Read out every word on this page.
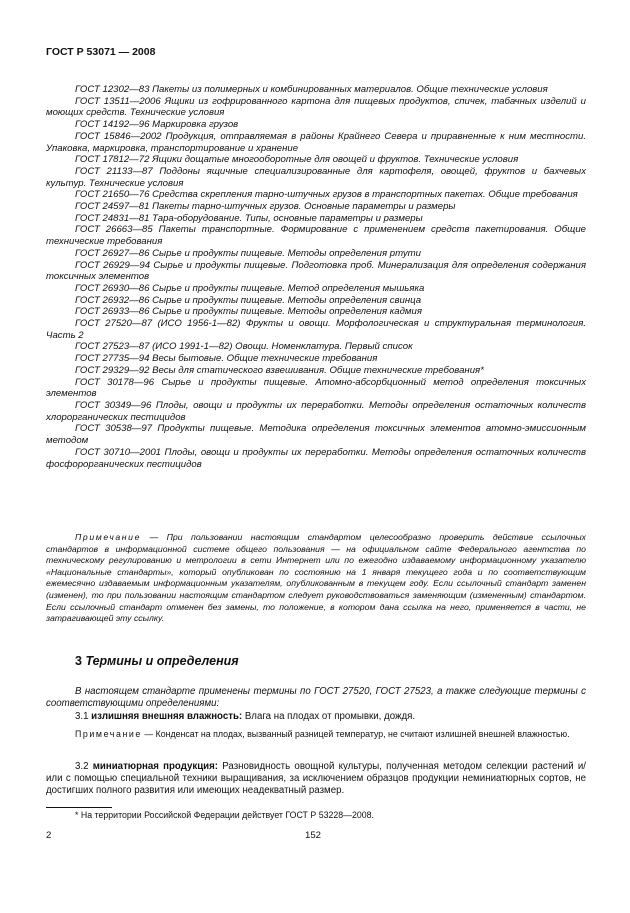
ГОСТ Р 53071 — 2008

ГОСТ 12302—83 Пакеты из полимерных и комбинированных материалов. Общие технические условия

ГОСТ 13511—2006 Ящики из гофрированного картона для пищевых продуктов, спичек, табачных изделий и моющих средств. Технические условия

ГОСТ 14192—96 Маркировка грузов

ГОСТ 15846—2002 Продукция, отправляемая в районы Крайнего Севера и приравненные к ним местности. Упаковка, маркировка, транспортирование и хранение

ГОСТ 17812—72 Ящики дощатые многооборотные для овощей и фруктов. Технические условия

ГОСТ 21133—87 Поддоны ящичные специализированные для картофеля, овощей, фруктов и бахчевых культур. Технические условия

ГОСТ 21650—76 Средства скрепления тарно-штучных грузов в транспортных пакетах. Общие требования

ГОСТ 24597—81 Пакеты тарно-штучных грузов. Основные параметры и размеры

ГОСТ 24831—81 Тара-оборудование. Типы, основные параметры и размеры

ГОСТ 26663—85 Пакеты транспортные. Формирование с применением средств пакетирования. Общие технические требования

ГОСТ 26927—86 Сырье и продукты пищевые. Методы определения ртути

ГОСТ 26929—94 Сырье и продукты пищевые. Подготовка проб. Минерализация для определения содержания токсичных элементов

ГОСТ 26930—86 Сырье и продукты пищевые. Метод определения мышьяка

ГОСТ 26932—86 Сырье и продукты пищевые. Методы определения свинца

ГОСТ 26933—86 Сырье и продукты пищевые. Методы определения кадмия

ГОСТ 27520—87 (ИСО 1956-1—82) Фрукты и овощи. Морфологическая и структуральная терминология. Часть 2

ГОСТ 27523—87 (ИСО 1991-1—82) Овощи. Номенклатура. Первый список

ГОСТ 27735—94 Весы бытовые. Общие технические требования

ГОСТ 29329—92 Весы для статического взвешивания. Общие технические требования*

ГОСТ 30178—96 Сырье и продукты пищевые. Атомно-абсорбционный метод определения токсичных элементов

ГОСТ 30349—96 Плоды, овощи и продукты их переработки. Методы определения остаточных количеств хлорорганических пестицидов

ГОСТ 30538—97 Продукты пищевые. Методика определения токсичных элементов атомно-эмиссионным методом

ГОСТ 30710—2001 Плоды, овощи и продукты их переработки. Методы определения остаточных количеств фосфорорганических пестицидов

Примечание — При пользовании настоящим стандартом целесообразно проверить действие ссылочных стандартов в информационной системе общего пользования — на официальном сайте Федерального агентства по техническому регулированию и метрологии в сети Интернет или по ежегодно издаваемому информационному указателю «Национальные стандарты», который опубликован по состоянию на 1 января текущего года и по соответствующим ежемесячно издаваемым информационным указателям, опубликованным в текущем году. Если ссылочный стандарт заменен (изменен), то при пользовании настоящим стандартом следует руководствоваться заменяющим (измененным) стандартом. Если ссылочный стандарт отменен без замены, то положение, в котором дана ссылка на него, применяется в части, не затрагивающей эту ссылку.

3 Термины и определения

В настоящем стандарте применены термины по ГОСТ 27520, ГОСТ 27523, а также следующие термины с соответствующими определениями:

3.1 излишняя внешняя влажность: Влага на плодах от промывки, дождя.

Примечание — Конденсат на плодах, вызванный разницей температур, не считают излишней внешней влажностью.

3.2 миниатюрная продукция: Разновидность овощной культуры, полученная методом селекции растений и/или с помощью специальной техники выращивания, за исключением образцов продукции неминиатюрных сортов, не достигших полного развития или имеющих неадекватный размер.

* На территории Российской Федерации действует ГОСТ Р 53228—2008.
2	152
